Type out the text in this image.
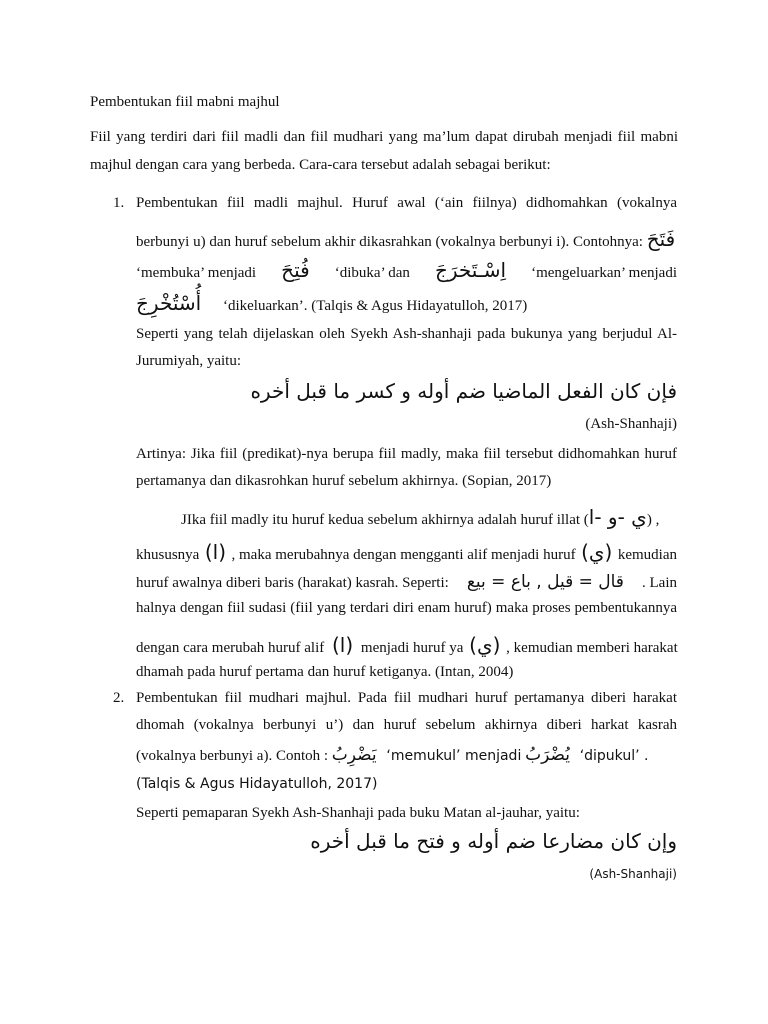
Pembentukan fiil mabni majhul
Fiil yang terdiri dari fiil madli dan fiil mudhari yang ma’lum dapat dirubah menjadi fiil mabni
majhul dengan cara yang berbeda. Cara-cara tersebut adalah sebagai berikut:
1. Pembentukan fiil madli majhul. Huruf awal (‘ain fiilnya) didhomahkan (vokalnya
berbunyi u) dan huruf sebelum akhir dikasrahkan (vokalnya berbunyi i). Contohnya: فَتَحَ
‘membuka’ menjadi فُتِحَ ‘dibuka’ dan اِسْـتَخرَجَ ‘mengeluarkan’ menjadi
أُسْتُخْرِجَ ‘dikeluarkan’. (Talqis & Agus Hidayatulloh, 2017)
Seperti yang telah dijelaskan oleh Syekh Ash-shanhaji pada bukunya yang berjudul Al-
Jurumiyah, yaitu:
فإن كان الفعل الماضيا ضم أوله و كسر ما قبل أخره
(Ash-Shanhaji)
Artinya: Jika fiil (predikat)-nya berupa fiil madly, maka fiil tersebut didhomahkan huruf
pertamanya dan dikasrohkan huruf sebelum akhirnya. (Sopian, 2017)
JIka fiil madly itu huruf kedua sebelum akhirnya adalah huruf illat (ي -و -ا) ,
khususnya (ا) , maka merubahnya dengan mengganti alif menjadi huruf (ي) kemudian
huruf awalnya diberi baris (harakat) kasrah. Seperti: قال = قيل , باع = بيع . Lain
halnya dengan fiil sudasi (fiil yang terdari diri enam huruf) maka proses pembentukannya
dengan cara merubah huruf alif (ا) menjadi huruf ya (ي) , kemudian memberi harakat
dhamah pada huruf pertama dan huruf ketiganya. (Intan, 2004)
2. Pembentukan fiil mudhari majhul. Pada fiil mudhari huruf pertamanya diberi harakat
dhomah (vokalnya berbunyi u’) dan huruf sebelum akhirnya diberi harkat kasrah
(vokalnya berbunyi a). Contoh : يَضْرِبُ ‘memukul’ menjadi يُضْرَبُ ‘dipukul’ .
(Talqis & Agus Hidayatulloh, 2017)
Seperti pemaparan Syekh Ash-Shanhaji pada buku Matan al-jauhar, yaitu:
وإن كان مضارعا ضم أوله و فتح ما قبل أخره
(Ash-Shanhaji)
